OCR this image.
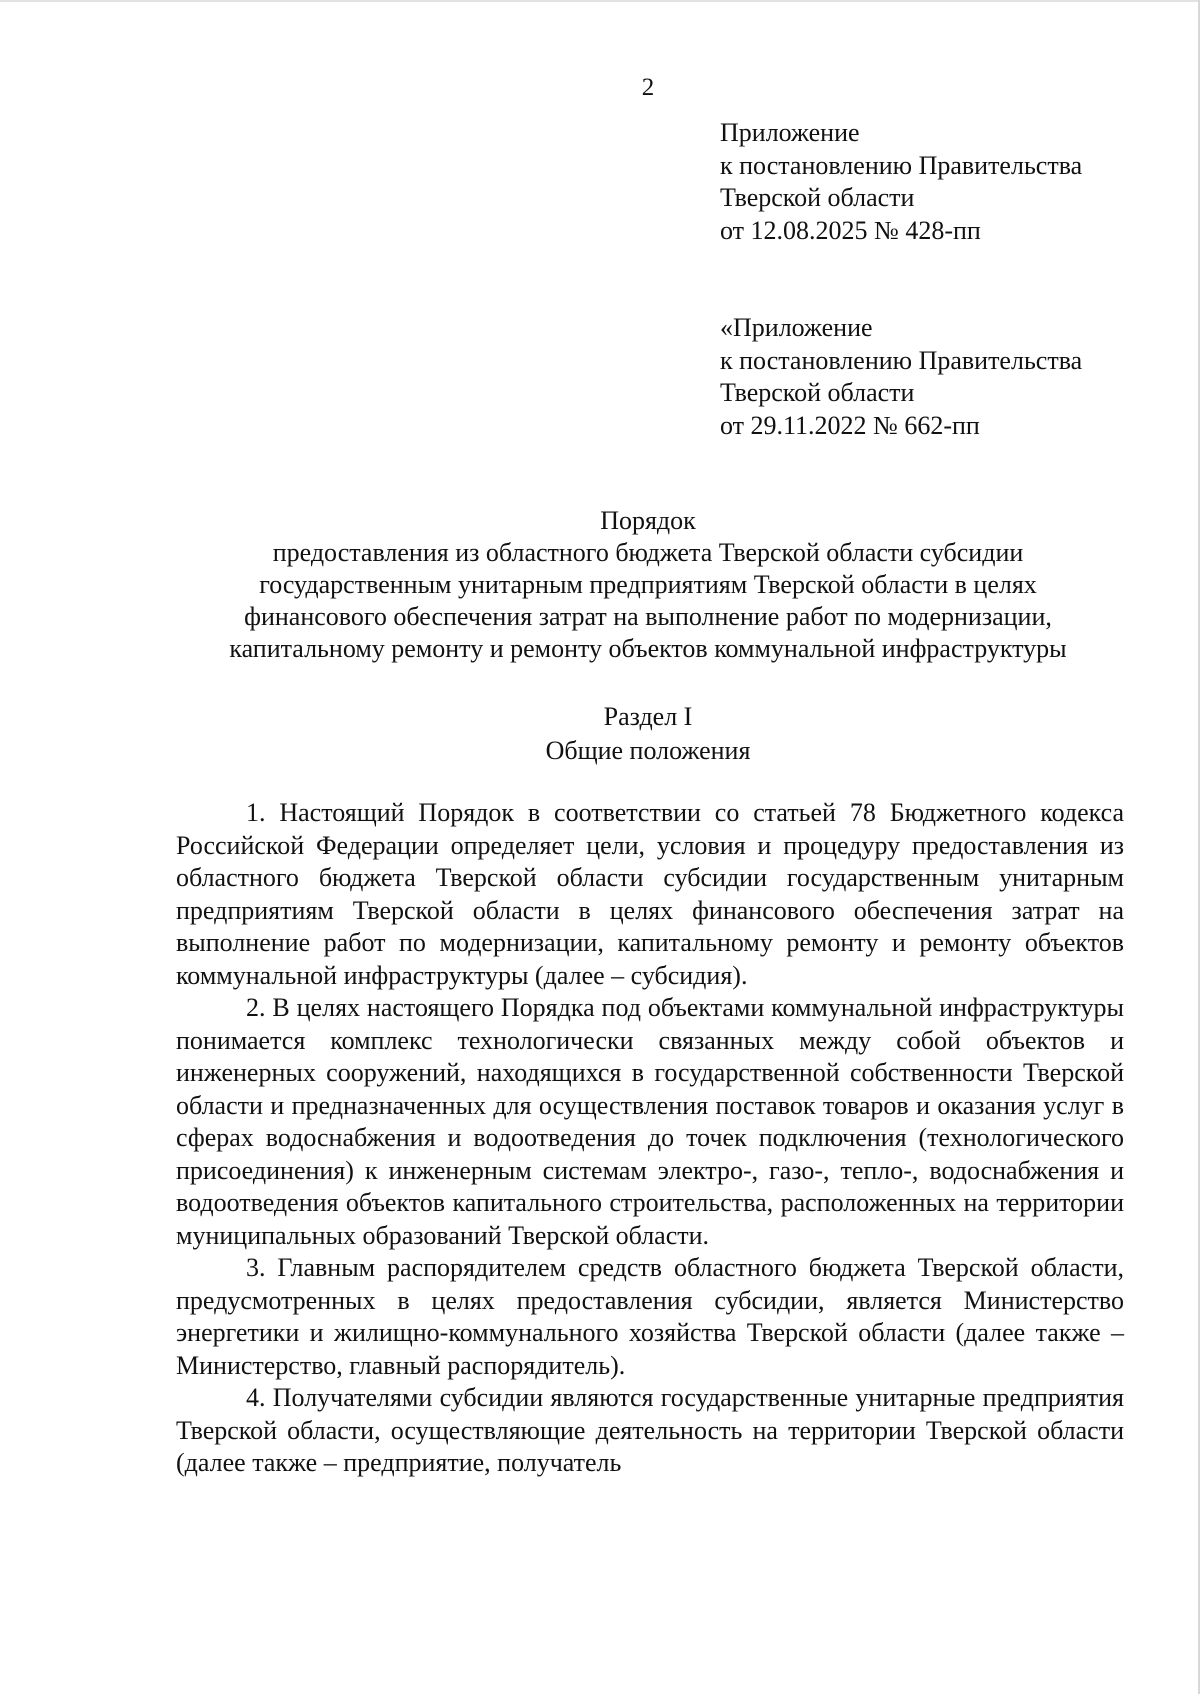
2
Приложение
к постановлению Правительства
Тверской области
от 12.08.2025 № 428-пп
«Приложение
к постановлению Правительства
Тверской области
от 29.11.2022 № 662-пп
Порядок
предоставления из областного бюджета Тверской области субсидии
государственным унитарным предприятиям Тверской области в целях
финансового обеспечения затрат на выполнение работ по модернизации,
капитальному ремонту и ремонту объектов коммунальной инфраструктуры
Раздел I
Общие положения

1. Настоящий Порядок в соответствии со статьей 78 Бюджетного кодекса Российской Федерации определяет цели, условия и процедуру предоставления из областного бюджета Тверской области субсидии государственным унитарным предприятиям Тверской области в целях финансового обеспечения затрат на выполнение работ по модернизации, капитальному ремонту и ремонту объектов коммунальной инфраструктуры (далее – субсидия).

2. В целях настоящего Порядка под объектами коммунальной инфраструктуры понимается комплекс технологически связанных между собой объектов и инженерных сооружений, находящихся в государственной собственности Тверской области и предназначенных для осуществления поставок товаров и оказания услуг в сферах водоснабжения и водоотведения до точек подключения (технологического присоединения) к инженерным системам электро-, газо-, тепло-, водоснабжения и водоотведения объектов капитального строительства, расположенных на территории муниципальных образований Тверской области.

3. Главным распорядителем средств областного бюджета Тверской области, предусмотренных в целях предоставления субсидии, является Министерство энергетики и жилищно-коммунального хозяйства Тверской области (далее также – Министерство, главный распорядитель).

4. Получателями субсидии являются государственные унитарные предприятия Тверской области, осуществляющие деятельность на территории Тверской области (далее также – предприятие, получатель
